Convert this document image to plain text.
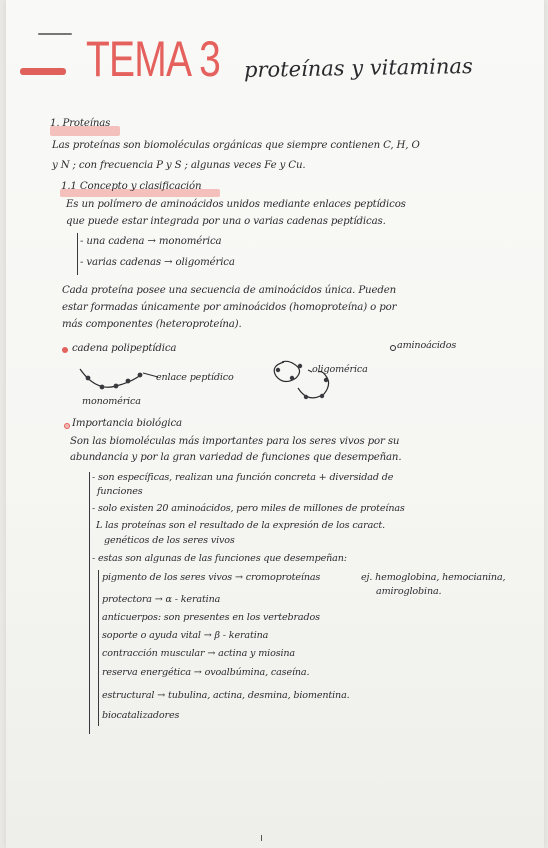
TEMA 3 proteínas y vitaminas
1. Proteínas
Las proteínas son biomoléculas orgánicas que siempre contienen C, H, O
y N ; con frecuencia P y S ; algunas veces Fe y Cu.
1.1 Concepto y clasificación
Es un polímero de aminoácidos unidos mediante enlaces peptídicos
que puede estar integrada por una o varias cadenas peptídicas.
- una cadena → monomérica
- varias cadenas → oligomérica
Cada proteína posee una secuencia de aminoácidos única. Pueden
estar formadas únicamente por aminoácidos (homoproteína) o por
más componentes (heteroproteína).
cadena polipeptídica	aminoácidos
enlace peptídico
monomérica
oligomérica
Importancia biológica
Son las biomoléculas más importantes para los seres vivos por su
abundancia y por la gran variedad de funciones que desempeñan.
- son específicas, realizan una función concreta + diversidad de
funciones
- solo existen 20 aminoácidos, pero miles de millones de proteínas
L las proteínas son el resultado de la expresión de los caract.
genéticos de los seres vivos
- estas son algunas de las funciones que desempeñan:
pigmento de los seres vivos → cromoproteínas	ej. hemoglobina, hemocianina,
amiroglobina.
protectora → α - keratina
anticuerpos: son presentes en los vertebrados
soporte o ayuda vital → β - keratina
contracción muscular → actina y miosina
reserva energética → ovoalbúmina, caseína.
estructural → tubulina, actina, desmina, biomentina.
biocatalizadores
